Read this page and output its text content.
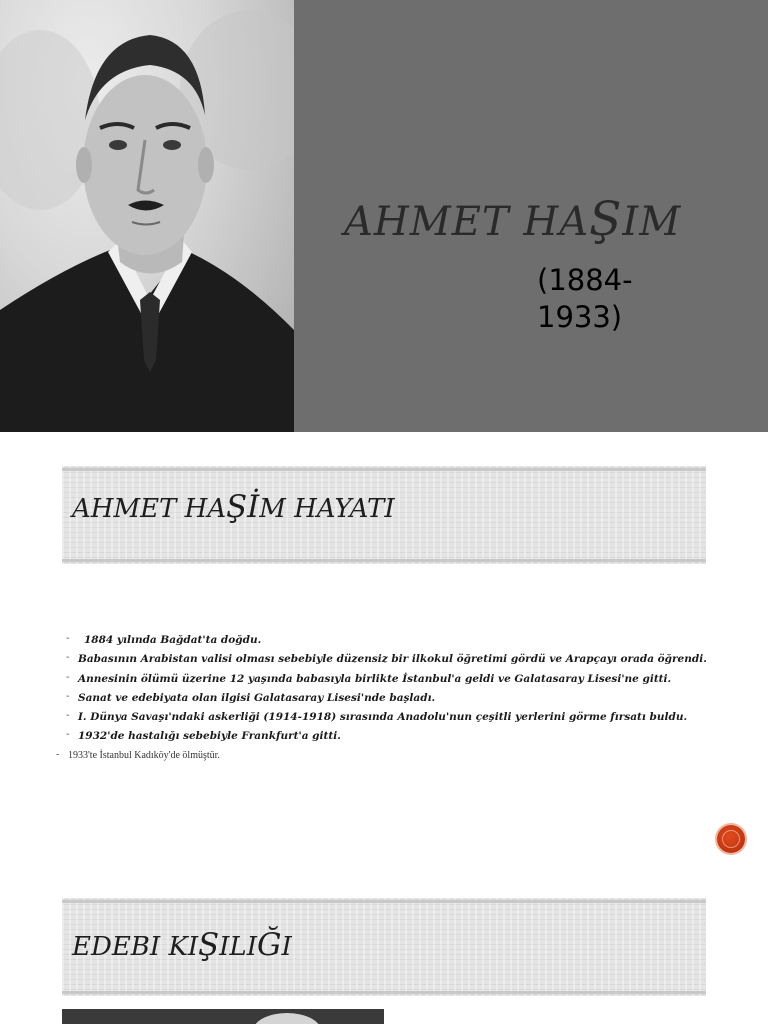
AHMET HAŞIM
(1884-1933)
AHMET HAŞİM HAYATI
- 1884 yılında Bağdat'ta doğdu.
- Babasının Arabistan valisi olması sebebiyle düzensiz bir ilkokul öğretimi gördü ve Arapçayı orada öğrendi.
- Annesinin ölümü üzerine 12 yaşında babasıyla birlikte İstanbul'a geldi ve Galatasaray Lisesi'ne gitti.
- Sanat ve edebiyata olan ilgisi Galatasaray Lisesi'nde başladı.
- I. Dünya Savaşı'ndaki askerliği (1914-1918) sırasında Anadolu'nun çeşitli yerlerini görme fırsatı buldu.
- 1932'de hastalığı sebebiyle Frankfurt'a gitti.
- 1933'te İstanbul Kadıköy'de ölmüştür.
EDEBI KIŞILIĞI
